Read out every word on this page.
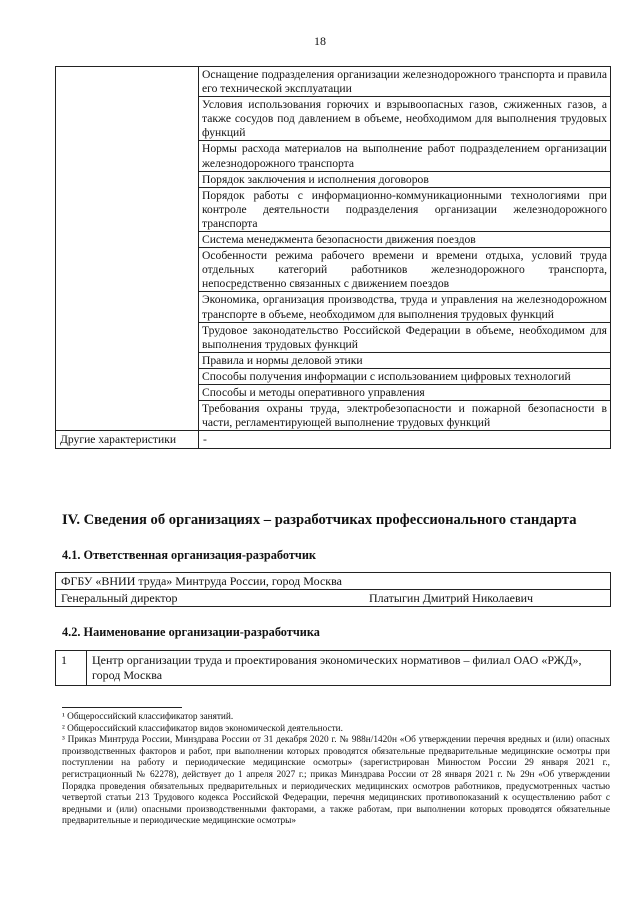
18
	Оснащение подразделения организации железнодорожного транспорта и правила его технической эксплуатации
	Условия использования горючих и взрывоопасных газов, сжиженных газов, а также сосудов под давлением в объеме, необходимом для выполнения трудовых функций
	Нормы расхода материалов на выполнение работ подразделением организации железнодорожного транспорта
	Порядок заключения и исполнения договоров
	Порядок работы с информационно-коммуникационными технологиями при контроле деятельности подразделения организации железнодорожного транспорта
	Система менеджмента безопасности движения поездов
	Особенности режима рабочего времени и времени отдыха, условий труда отдельных категорий работников железнодорожного транспорта, непосредственно связанных с движением поездов
	Экономика, организация производства, труда и управления на железнодорожном транспорте в объеме, необходимом для выполнения трудовых функций
	Трудовое законодательство Российской Федерации в объеме, необходимом для выполнения трудовых функций
	Правила и нормы деловой этики
	Способы получения информации с использованием цифровых технологий
	Способы и методы оперативного управления
	Требования охраны труда, электробезопасности и пожарной безопасности в части, регламентирующей выполнение трудовых функций
Другие характеристики	-
IV. Сведения об организациях – разработчиках профессионального стандарта
4.1. Ответственная организация-разработчик
ФГБУ «ВНИИ труда» Минтруда России, город Москва
Генеральный директор	Платыгин Дмитрий Николаевич
4.2. Наименование организации-разработчика
1	Центр организации труда и проектирования экономических нормативов – филиал ОАО «РЖД», город Москва

¹ Общероссийский классификатор занятий.

² Общероссийский классификатор видов экономической деятельности.

³ Приказ Минтруда России, Минздрава России от 31 декабря 2020 г. № 988н/1420н «Об утверждении перечня вредных и (или) опасных производственных факторов и работ, при выполнении которых проводятся обязательные предварительные медицинские осмотры при поступлении на работу и периодические медицинские осмотры» (зарегистрирован Минюстом России 29 января 2021 г., регистрационный № 62278), действует до 1 апреля 2027 г.; приказ Минздрава России от 28 января 2021 г. № 29н «Об утверждении Порядка проведения обязательных предварительных и периодических медицинских осмотров работников, предусмотренных частью четвертой статьи 213 Трудового кодекса Российской Федерации, перечня медицинских противопоказаний к осуществлению работ с вредными и (или) опасными производственными факторами, а также работам, при выполнении которых проводятся обязательные предварительные и периодические медицинские осмотры»
